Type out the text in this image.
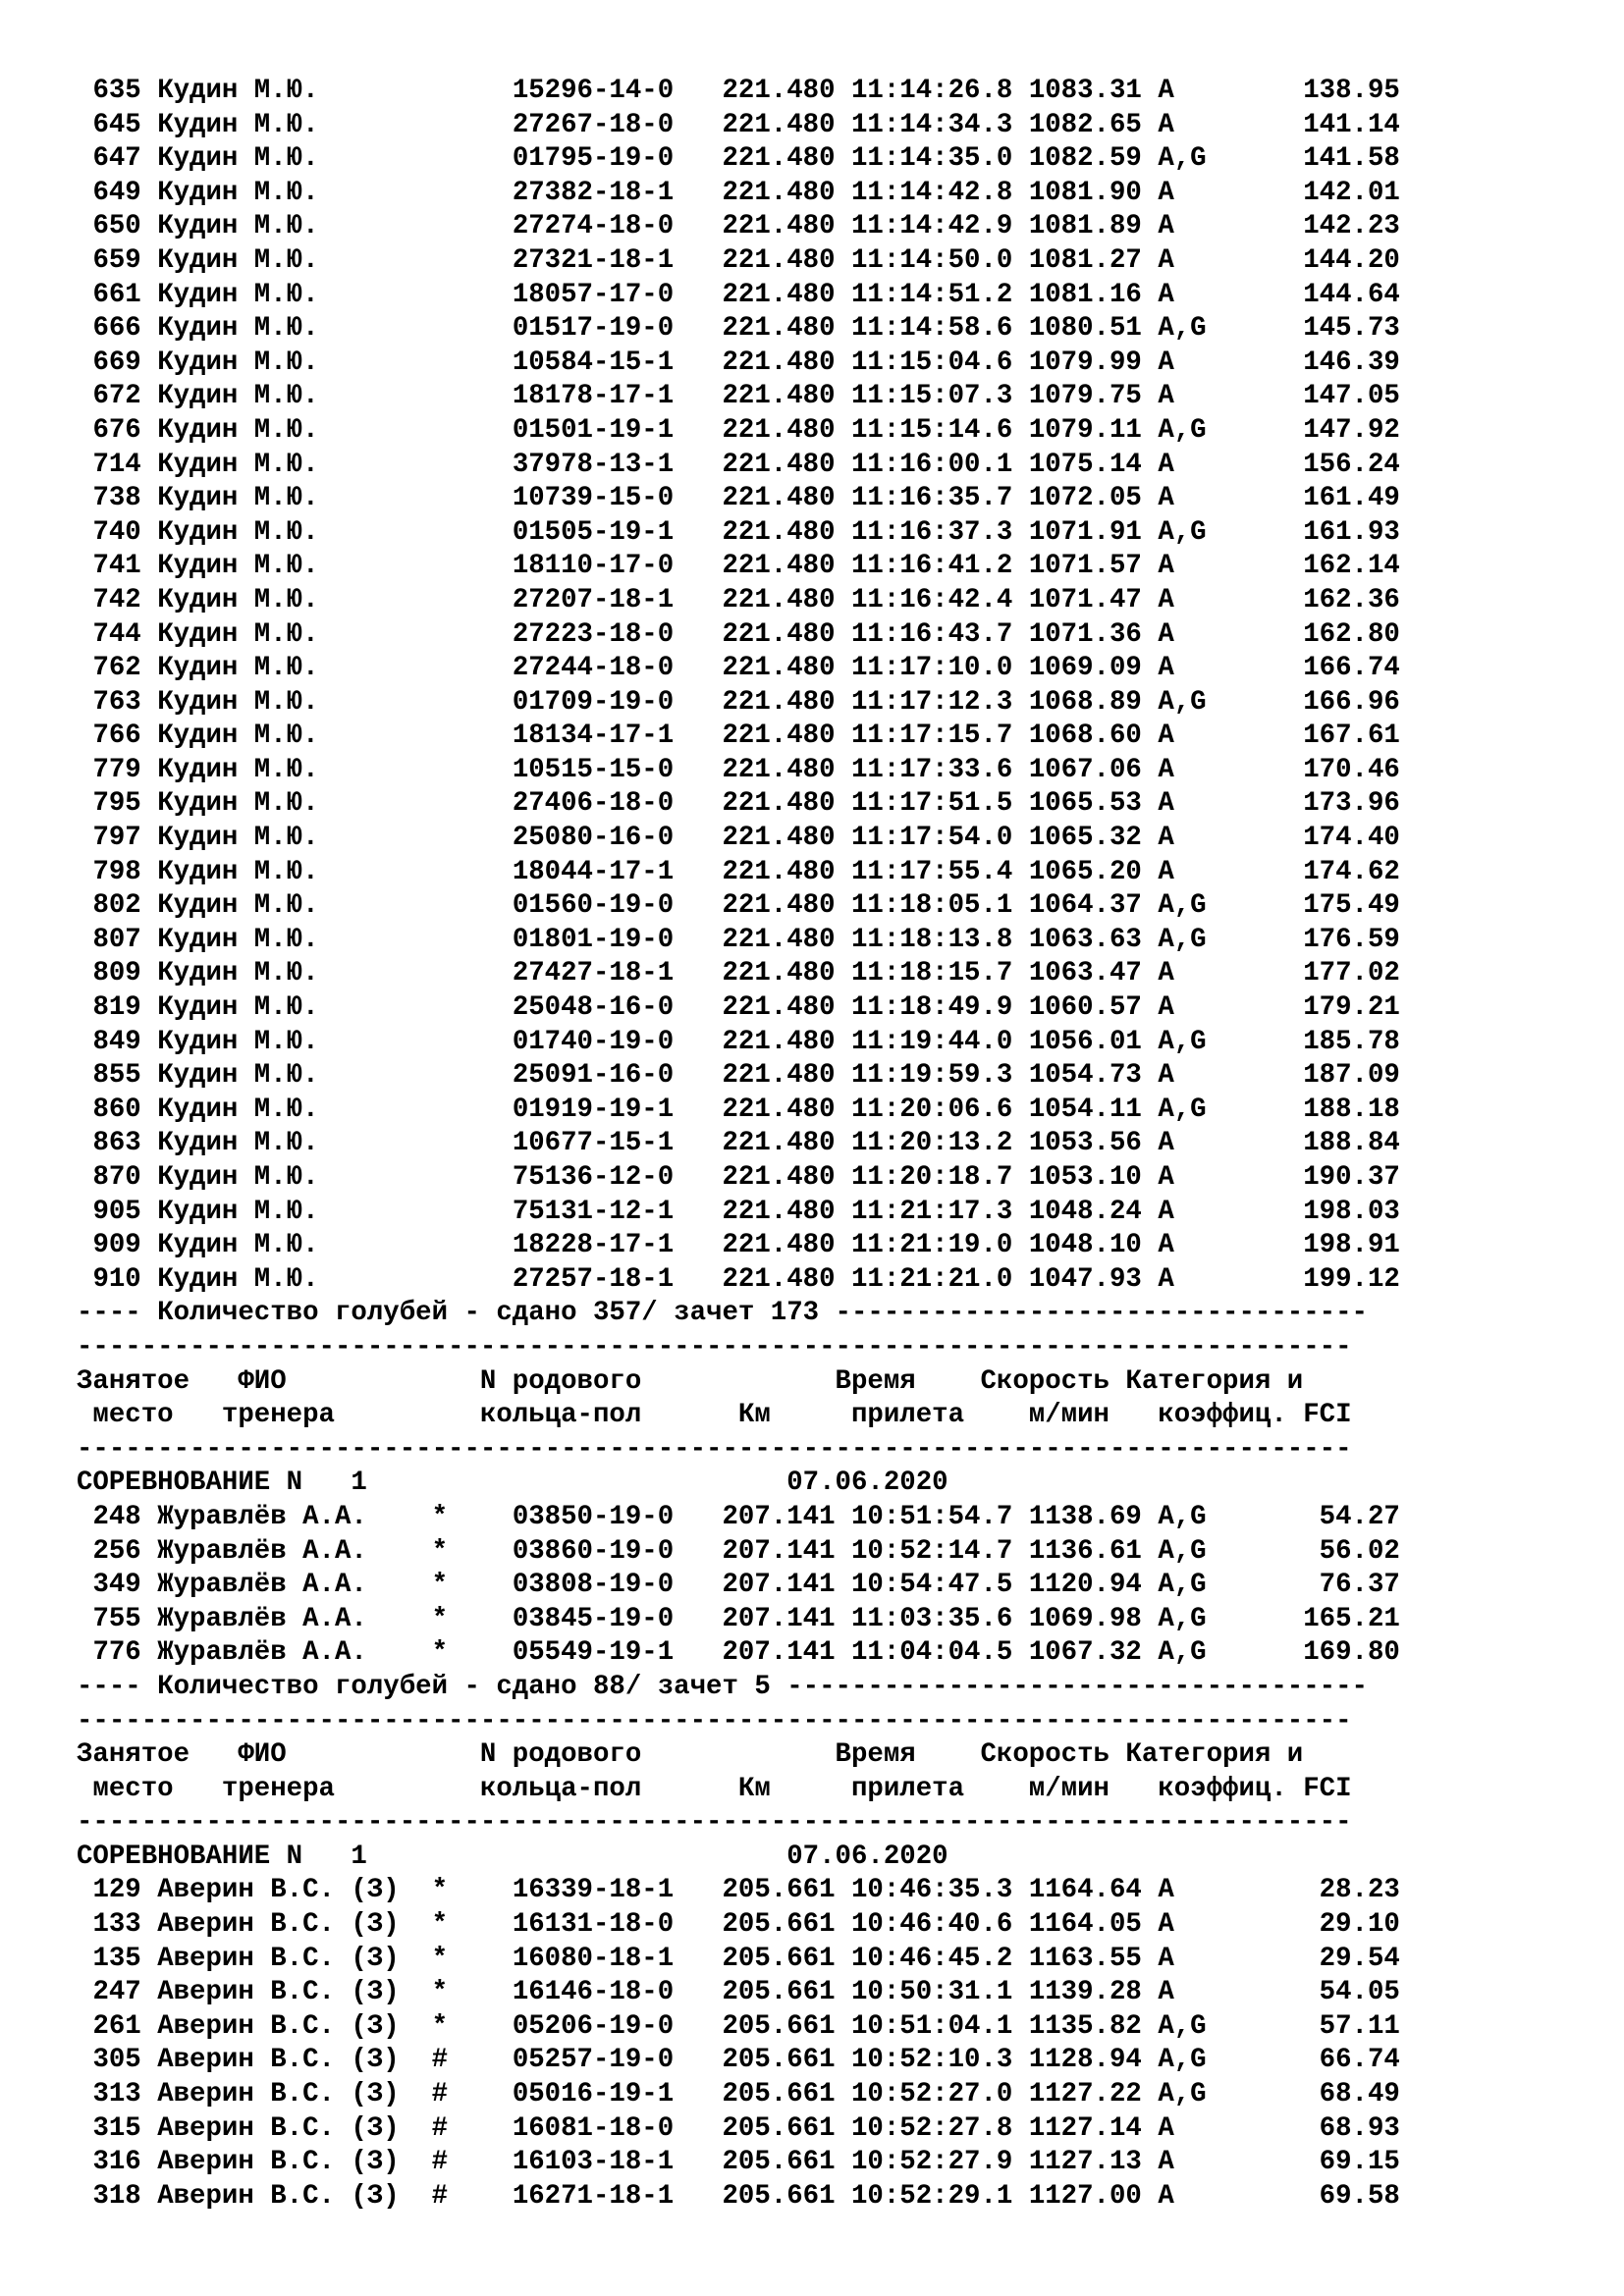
635 Кудин М.Ю.	15296-14-0 221.480 11:14:26.8 1083.31 A        138.95
645 Кудин М.Ю.	27267-18-0 221.480 11:14:34.3 1082.65 A        141.14
647 Кудин М.Ю.	01795-19-0 221.480 11:14:35.0 1082.59 A,G      141.58
649 Кудин М.Ю.	27382-18-1 221.480 11:14:42.8 1081.90 A        142.01
650 Кудин М.Ю.	27274-18-0 221.480 11:14:42.9 1081.89 A        142.23
659 Кудин М.Ю.	27321-18-1 221.480 11:14:50.0 1081.27 A        144.20
661 Кудин М.Ю.	18057-17-0 221.480 11:14:51.2 1081.16 A        144.64
666 Кудин М.Ю.	01517-19-0 221.480 11:14:58.6 1080.51 A,G      145.73
669 Кудин М.Ю.	10584-15-1 221.480 11:15:04.6 1079.99 A        146.39
672 Кудин М.Ю.	18178-17-1 221.480 11:15:07.3 1079.75 A        147.05
676 Кудин М.Ю.	01501-19-1 221.480 11:15:14.6 1079.11 A,G      147.92
714 Кудин М.Ю.	37978-13-1 221.480 11:16:00.1 1075.14 A        156.24
738 Кудин М.Ю.	10739-15-0 221.480 11:16:35.7 1072.05 A        161.49
740 Кудин М.Ю.	01505-19-1 221.480 11:16:37.3 1071.91 A,G      161.93
741 Кудин М.Ю.	18110-17-0 221.480 11:16:41.2 1071.57 A        162.14
742 Кудин М.Ю.	27207-18-1 221.480 11:16:42.4 1071.47 A        162.36
744 Кудин М.Ю.	27223-18-0 221.480 11:16:43.7 1071.36 A        162.80
762 Кудин М.Ю.	27244-18-0 221.480 11:17:10.0 1069.09 A        166.74
763 Кудин М.Ю.	01709-19-0 221.480 11:17:12.3 1068.89 A,G      166.96
766 Кудин М.Ю.	18134-17-1 221.480 11:17:15.7 1068.60 A        167.61
779 Кудин М.Ю.	10515-15-0 221.480 11:17:33.6 1067.06 A        170.46
795 Кудин М.Ю.	27406-18-0 221.480 11:17:51.5 1065.53 A        173.96
797 Кудин М.Ю.	25080-16-0 221.480 11:17:54.0 1065.32 A        174.40
798 Кудин М.Ю.	18044-17-1 221.480 11:17:55.4 1065.20 A        174.62
802 Кудин М.Ю.	01560-19-0 221.480 11:18:05.1 1064.37 A,G      175.49
807 Кудин М.Ю.	01801-19-0 221.480 11:18:13.8 1063.63 A,G      176.59
809 Кудин М.Ю.	27427-18-1 221.480 11:18:15.7 1063.47 A        177.02
819 Кудин М.Ю.	25048-16-0 221.480 11:18:49.9 1060.57 A        179.21
849 Кудин М.Ю.	01740-19-0 221.480 11:19:44.0 1056.01 A,G      185.78
855 Кудин М.Ю.	25091-16-0 221.480 11:19:59.3 1054.73 A        187.09
860 Кудин М.Ю.	01919-19-1 221.480 11:20:06.6 1054.11 A,G      188.18
863 Кудин М.Ю.	10677-15-1 221.480 11:20:13.2 1053.56 A        188.84
870 Кудин М.Ю.	75136-12-0 221.480 11:20:18.7 1053.10 A        190.37
905 Кудин М.Ю.	75131-12-1 221.480 11:21:17.3 1048.24 A        198.03
909 Кудин М.Ю.	18228-17-1 221.480 11:21:19.0 1048.10 A        198.91
910 Кудин М.Ю.	27257-18-1 221.480 11:21:21.0 1047.93 A        199.12
---- Количество голубей - сдано 357/ зачет 173 ---------------------------------
-------------------------------------------------------------------------------
Занятое   ФИО            N родового            Время    Скорость Категория и
место   тренера         кольца-пол      Км     прилета    м/мин   коэффиц. FCI
-------------------------------------------------------------------------------
СОРЕВНОВАНИЕ N   1	07.06.2020
248 Журавлёв А.А.    * 03850-19-0 207.141 10:51:54.7 1138.69 A,G       54.27
256 Журавлёв А.А.    * 03860-19-0 207.141 10:52:14.7 1136.61 A,G       56.02
349 Журавлёв А.А.    * 03808-19-0 207.141 10:54:47.5 1120.94 A,G       76.37
755 Журавлёв А.А.    * 03845-19-0 207.141 11:03:35.6 1069.98 A,G      165.21
776 Журавлёв А.А.    * 05549-19-1 207.141 11:04:04.5 1067.32 A,G      169.80
---- Количество голубей - сдано 88/ зачет 5 ------------------------------------
-------------------------------------------------------------------------------
Занятое   ФИО            N родового            Время    Скорость Категория и
место   тренера         кольца-пол      Км     прилета    м/мин   коэффиц. FCI
-------------------------------------------------------------------------------
СОРЕВНОВАНИЕ N   1	07.06.2020
129 Аверин В.С. (З)  * 16339-18-1 205.661 10:46:35.3 1164.64 A         28.23
133 Аверин В.С. (З)  * 16131-18-0 205.661 10:46:40.6 1164.05 A         29.10
135 Аверин В.С. (З)  * 16080-18-1 205.661 10:46:45.2 1163.55 A         29.54
247 Аверин В.С. (З)  * 16146-18-0 205.661 10:50:31.1 1139.28 A         54.05
261 Аверин В.С. (З)  * 05206-19-0 205.661 10:51:04.1 1135.82 A,G       57.11
305 Аверин В.С. (З)  # 05257-19-0 205.661 10:52:10.3 1128.94 A,G       66.74
313 Аверин В.С. (З)  # 05016-19-1 205.661 10:52:27.0 1127.22 A,G       68.49
315 Аверин В.С. (З)  # 16081-18-0 205.661 10:52:27.8 1127.14 A         68.93
316 Аверин В.С. (З)  # 16103-18-1 205.661 10:52:27.9 1127.13 A         69.15
318 Аверин В.С. (З)  # 16271-18-1 205.661 10:52:29.1 1127.00 A         69.58
